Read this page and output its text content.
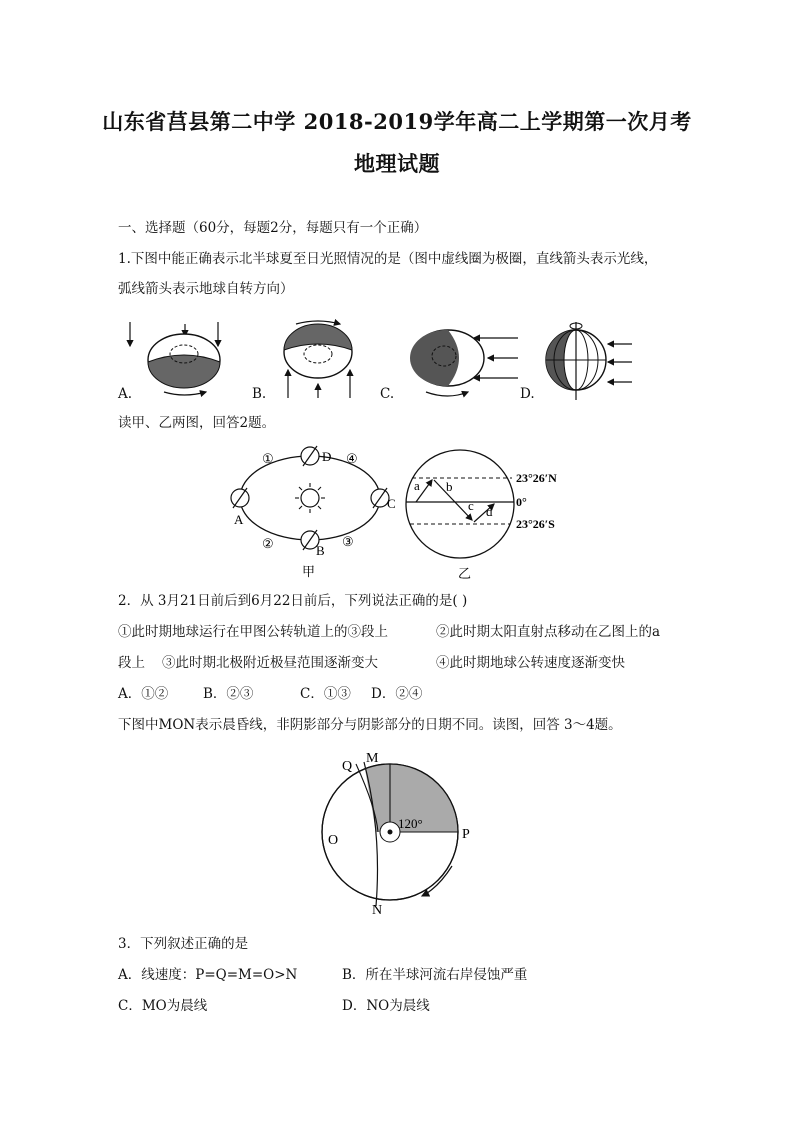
山东省莒县第二中学 2018-2019学年高二上学期第一次月考
地理试题
一、选择题（60分，每题2分，每题只有一个正确）
1.下图中能正确表示北半球夏至日光照情况的是（图中虚线圈为极圈，直线箭头表示光线，
弧线箭头表示地球自转方向）
A.	B.	C.	D.
读甲、乙两图，回答2题。
A
B
C
D
①
②	③
④
甲
a b
c d
23°26′N
0°
23°26′S
乙
2．从 3月21日前后到6月22日前后，下列说法正确的是( )
①此时期地球运行在甲图公转轨道上的③段上	②此时期太阳直射点移动在乙图上的a
段上 ③此时期北极附近极昼范围逐渐变大	④此时期地球公转速度逐渐变快
A．①②	B．②③	C．①③ D．②④
下图中MON表示晨昏线，非阴影部分与阴影部分的日期不同。读图，回答 3～4题。
Q
M
O	P
N
120°
3．下列叙述正确的是
A．线速度：P=Q=M=O>N	B．所在半球河流右岸侵蚀严重
C．MO为晨线	D．NO为晨线
